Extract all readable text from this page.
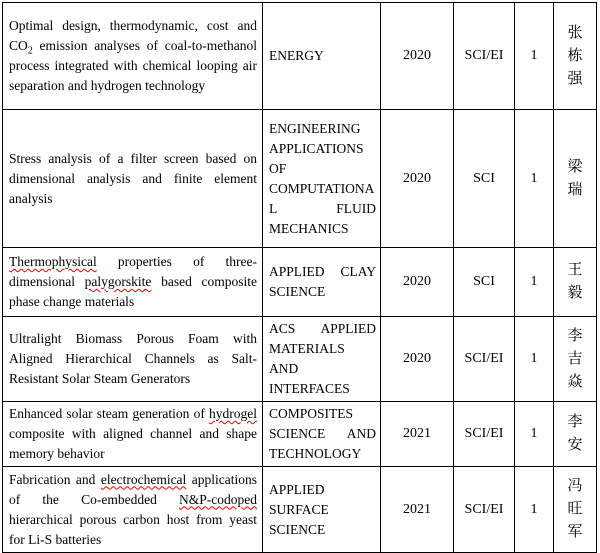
Optimal design, thermodynamic, cost and $CO_2$ emission analyses of coal-to-methanol process integrated with chemical looping air separation and hydrogen technology	ENERGY	2020	SCI/EI	1	张栋强
Stress analysis of a filter screen based on dimensional analysis and finite element analysis	ENGINEERING APPLICATIONS OF COMPUTATIONAL FLUID MECHANICS	2020	SCI	1	梁瑞
Thermophysical properties of three-dimensional palygorskite based composite phase change materials	APPLIED CLAY SCIENCE	2020	SCI	1	王毅
Ultralight Biomass Porous Foam with Aligned Hierarchical Channels as Salt-Resistant Solar Steam Generators	ACS APPLIED MATERIALS AND INTERFACES	2020	SCI/EI	1	李吉焱
Enhanced solar steam generation of hydrogel composite with aligned channel and shape memory behavior	COMPOSITES SCIENCE AND TECHNOLOGY	2021	SCI/EI	1	李安
Fabrication and electrochemical applications of the Co-embedded N&P-codoped hierarchical porous carbon host from yeast for Li-S batteries	APPLIED SURFACE SCIENCE	2021	SCI/EI	1	冯旺军
